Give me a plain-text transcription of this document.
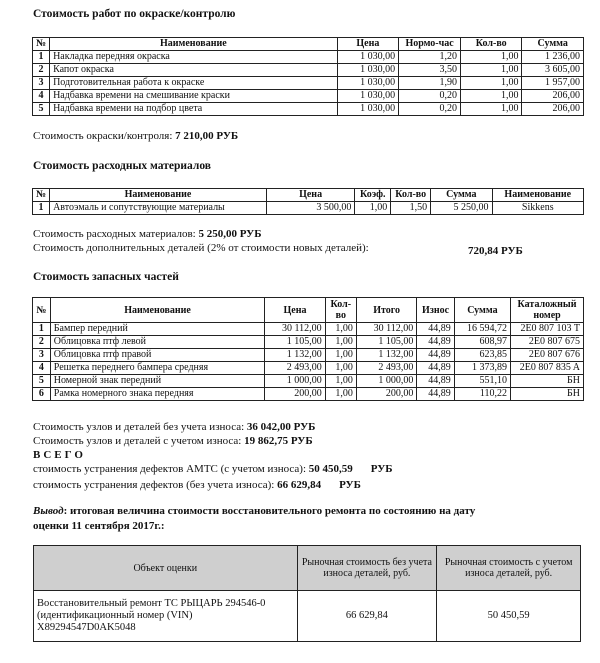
Стоимость работ по окраске/контролю
№	Наименование	Цена	Нормо-час	Кол-во	Сумма
1	Накладка передняя окраска	1 030,00	1,20	1,00	1 236,00
2	Капот окраска	1 030,00	3,50	1,00	3 605,00
3	Подготовительная работа к окраске	1 030,00	1,90	1,00	1 957,00
4	Надбавка времени на смешивание краски	1 030,00	0,20	1,00	206,00
5	Надбавка времени на подбор цвета	1 030,00	0,20	1,00	206,00
Стоимость окраски/контроля: 7 210,00 РУБ
Стоимость расходных материалов
№	Наименование	Цена	Коэф.	Кол-во	Сумма	Наименование
1	Автоэмаль и сопутствующие материалы	3 500,00	1,00	1,50	5 250,00	Sikkens
Стоимость расходных материалов: 5 250,00 РУБ
Стоимость дополнительных деталей (2% от стоимости новых деталей):	720,84 РУБ
Стоимость запасных частей
№	Наименование	Цена	Кол-во	Итого	Износ	Сумма	Каталожный номер
1	Бампер передний	30 112,00	1,00	30 112,00	44,89	16 594,72	2E0 807 103 T
2	Облицовка птф левой	1 105,00	1,00	1 105,00	44,89	608,97	2E0 807 675
3	Облицовка птф правой	1 132,00	1,00	1 132,00	44,89	623,85	2E0 807 676
4	Решетка переднего бампера средняя	2 493,00	1,00	2 493,00	44,89	1 373,89	2E0 807 835 A
5	Номерной знак передний	1 000,00	1,00	1 000,00	44,89	551,10	БН
6	Рамка номерного знака передняя	200,00	1,00	200,00	44,89	110,22	БН
Стоимость узлов и деталей без учета износа: 36 042,00 РУБ
Стоимость узлов и деталей с учетом износа: 19 862,75 РУБ
ВСЕГО
стоимость устранения дефектов АМТС (с учетом износа): 50 450,59 РУБ
стоимость устранения дефектов (без учета износа): 66 629,84 РУБ
Вывод: итоговая величина стоимости восстановительного ремонта по состоянию на дату
оценки 11 сентября 2017г.:
Объект оценки	Рыночная стоимость без учета износа деталей, руб.	Рыночная стоимость с учетом износа деталей, руб.
Восстановительный ремонт ТС РЫЦАРЬ 294546-0 (идентификационный номер (VIN) X89294547D0AK5048	66 629,84	50 450,59
